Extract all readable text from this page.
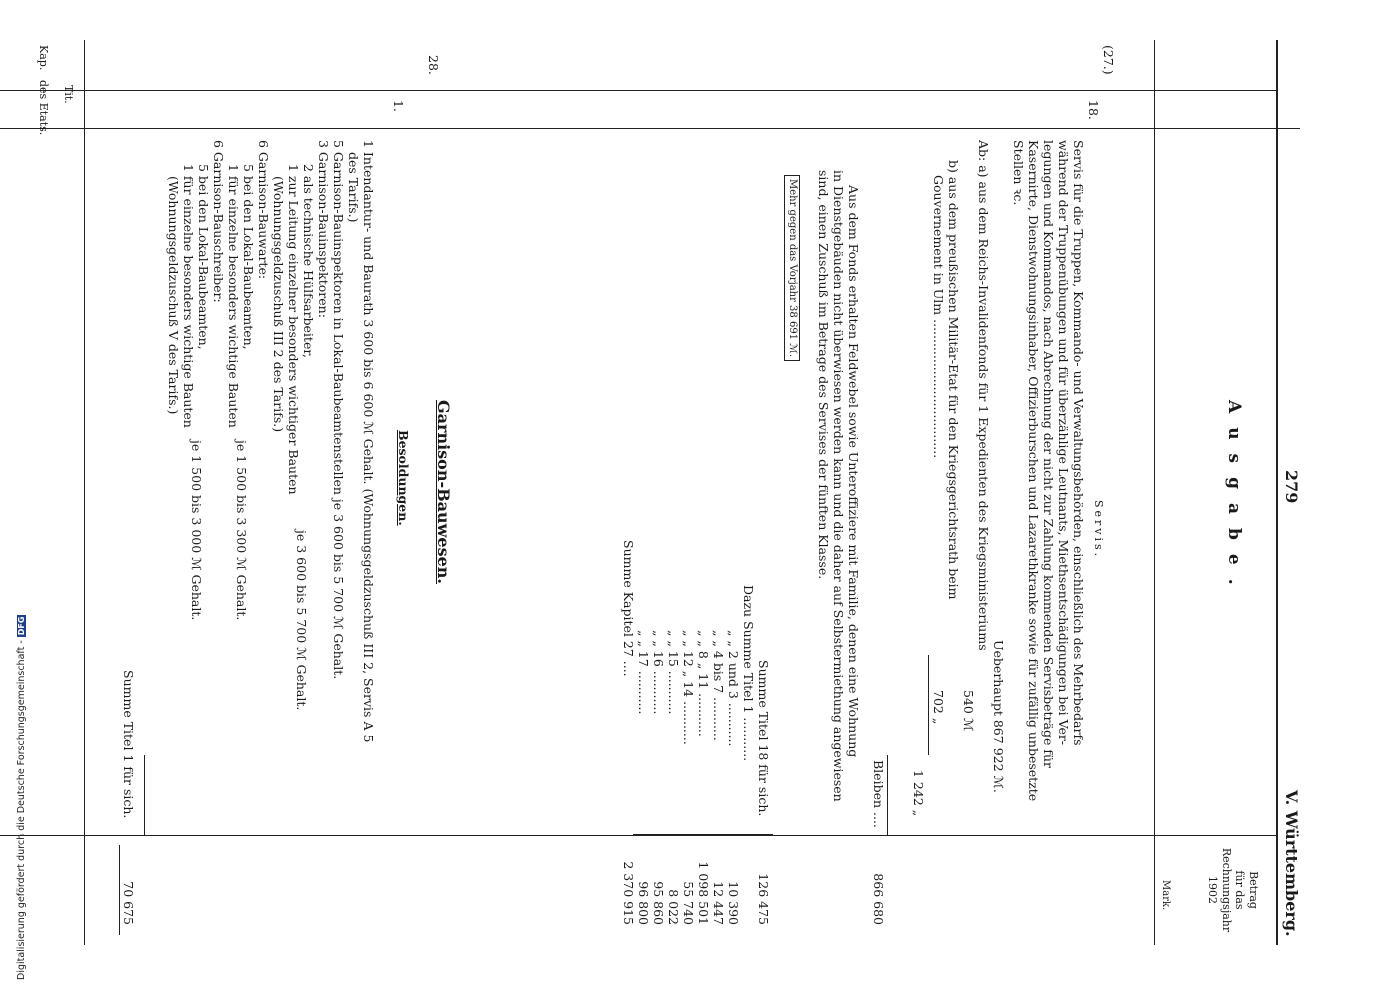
279
V. Württemberg.
Ausgabe.
Kap.
Tit.
des Etats.
Betrag
für das
Rechnungsjahr
1902
Mark.
(27.)
18.
Servis.
Servis für die Truppen, Kommando- und Verwaltungsbehörden, einschließlich des Mehrbedarfs
während der Truppenübungen und für überzählige Leutnants, Miethsentschädigungen bei Ver-
legungen und Kommandos, nach Abrechnung der nicht zur Zahlung kommenden Servisbeträge für
Kasernirte, Dienstwohnungsinhaber, Offizierburschen und Lazarethkranke sowie für zufällig unbesetzte
Stellen ꝛc.
Ueberhaupt 867 922 ℳ.
Ab: a) aus dem Reichs-Invalidenfonds für 1 Expedienten des Kriegsministeriums
540 ℳ
b) aus dem preußischen Militär-Etat für den Kriegsgerichtsrath beim
Gouvernement in Ulm ...................................
702 „
1 242 „
Bleiben ....
866 680
Aus dem Fonds erhalten Feldwebel sowie Unteroffiziere mit Familie, denen eine Wohnung
in Dienstgebäuden nicht überwiesen werden kann und die daher auf Selbstermiethung angewiesen
sind, einen Zuschuß im Betrage des Servises der fünften Klasse.
Mehr gegen das Vorjahr 38 691 ℳ.
Summe Titel 18 für sich.
126 475
Dazu Summe Titel 1 ...........
„ „ 2 und 3 ...........
10 390
„ „ 4 bis 7 ...........
12 447
„ „ 8 „ 11 ...........
1 098 501
„ „ 12 „ 14 ...........
55 740
„ „ 15 ...........
8 022
„ „ 16 ...........
95 860
„ „ 17 ...........
96 800
Summe Kapitel 27 ....
2 370 915
28.
1.
Garnison-Bauwesen.
Besoldungen.
1 Intendantur- und Baurath 3 600 bis 6 600 ℳ Gehalt. (Wohnungsgeldzuschuß III 2, Servis A 5
des Tarifs.)
5 Garnison-Bauinspektoren in Lokal-Baubeamtenstellen je 3 600 bis 5 700 ℳ Gehalt.
3 Garnison-Bauinspektoren:
2 als technische Hülfsarbeiter,
1 zur Leitung einzelner besonders wichtiger Bauten
je 3 600 bis 5 700 ℳ Gehalt.
(Wohnungsgeldzuschuß III 2 des Tarifs.)
6 Garnison-Bauwarte:
5 bei den Lokal-Baubeamten,
1 für einzelne besonders wichtige Bauten
je 1 500 bis 3 300 ℳ Gehalt.
6 Garnison-Bauschreiber:
5 bei den Lokal-Baubeamten,
1 für einzelne besonders wichtige Bauten
je 1 500 bis 3 000 ℳ Gehalt.
(Wohnungsgeldzuschuß V des Tarifs.)
Summe Titel 1 für sich.
70 675
Digitalisierung gefördert durch die Deutsche Forschungsgemeinschaft -DFG
